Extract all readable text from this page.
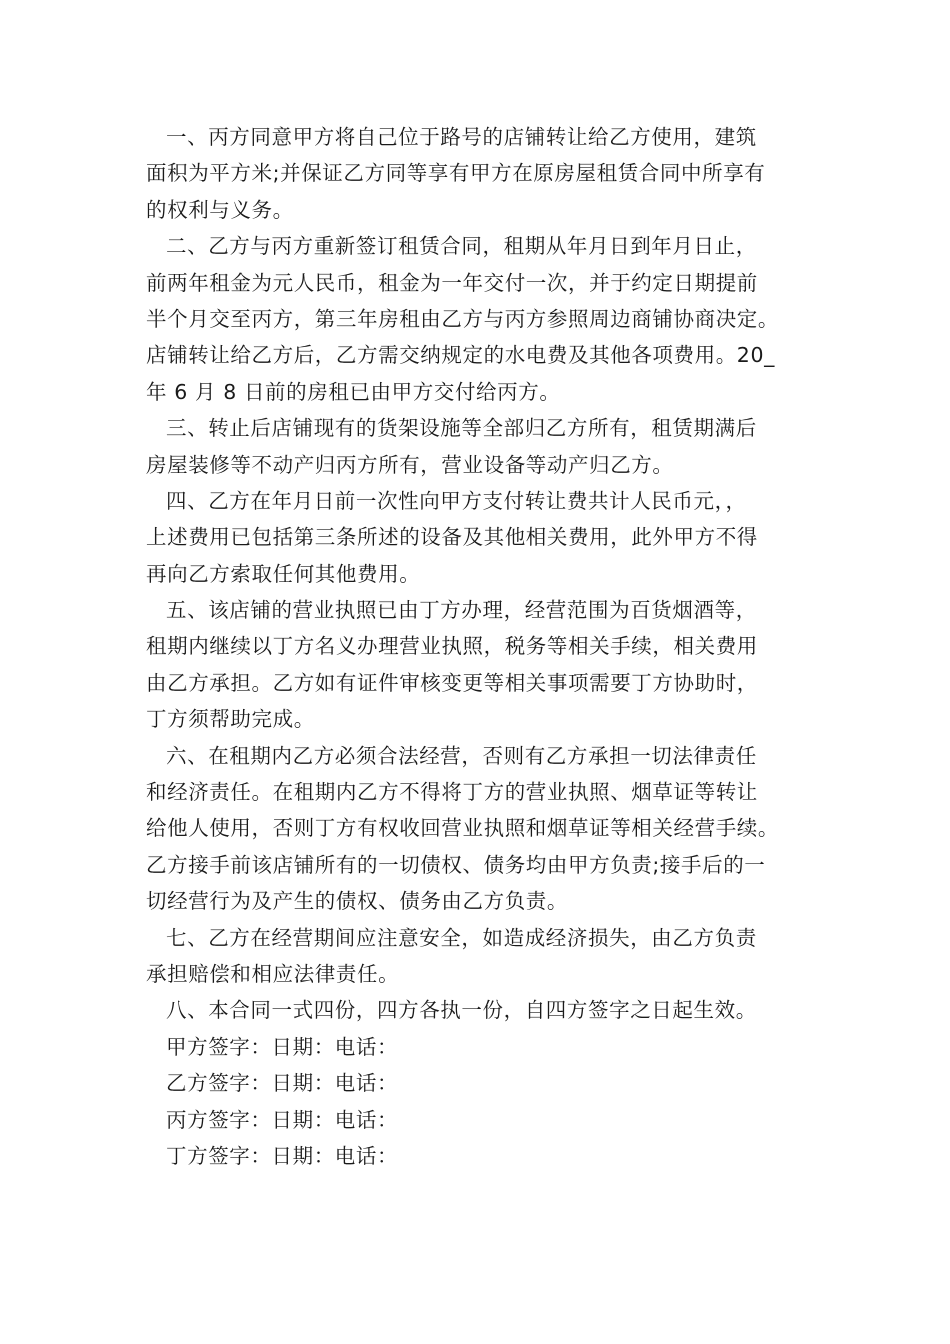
一、丙方同意甲方将自己位于路号的店铺转让给乙方使用，建筑
面积为平方米;并保证乙方同等享有甲方在原房屋租赁合同中所享有
的权利与义务。
二、乙方与丙方重新签订租赁合同，租期从年月日到年月日止，
前两年租金为元人民币，租金为一年交付一次，并于约定日期提前
半个月交至丙方，第三年房租由乙方与丙方参照周边商铺协商决定。
店铺转让给乙方后，乙方需交纳规定的水电费及其他各项费用。20_
年 6 月 8 日前的房租已由甲方交付给丙方。
三、转止后店铺现有的货架设施等全部归乙方所有，租赁期满后
房屋装修等不动产归丙方所有，营业设备等动产归乙方。
四、乙方在年月日前一次性向甲方支付转让费共计人民币元，，
上述费用已包括第三条所述的设备及其他相关费用，此外甲方不得
再向乙方索取任何其他费用。
五、该店铺的营业执照已由丁方办理，经营范围为百货烟酒等，
租期内继续以丁方名义办理营业执照，税务等相关手续，相关费用
由乙方承担。乙方如有证件审核变更等相关事项需要丁方协助时，
丁方须帮助完成。
六、在租期内乙方必须合法经营，否则有乙方承担一切法律责任
和经济责任。在租期内乙方不得将丁方的营业执照、烟草证等转让
给他人使用，否则丁方有权收回营业执照和烟草证等相关经营手续。
乙方接手前该店铺所有的一切债权、债务均由甲方负责;接手后的一
切经营行为及产生的债权、债务由乙方负责。
七、乙方在经营期间应注意安全，如造成经济损失，由乙方负责
承担赔偿和相应法律责任。
八、本合同一式四份，四方各执一份，自四方签字之日起生效。
甲方签字：日期：电话：
乙方签字：日期：电话：
丙方签字：日期：电话：
丁方签字：日期：电话：
